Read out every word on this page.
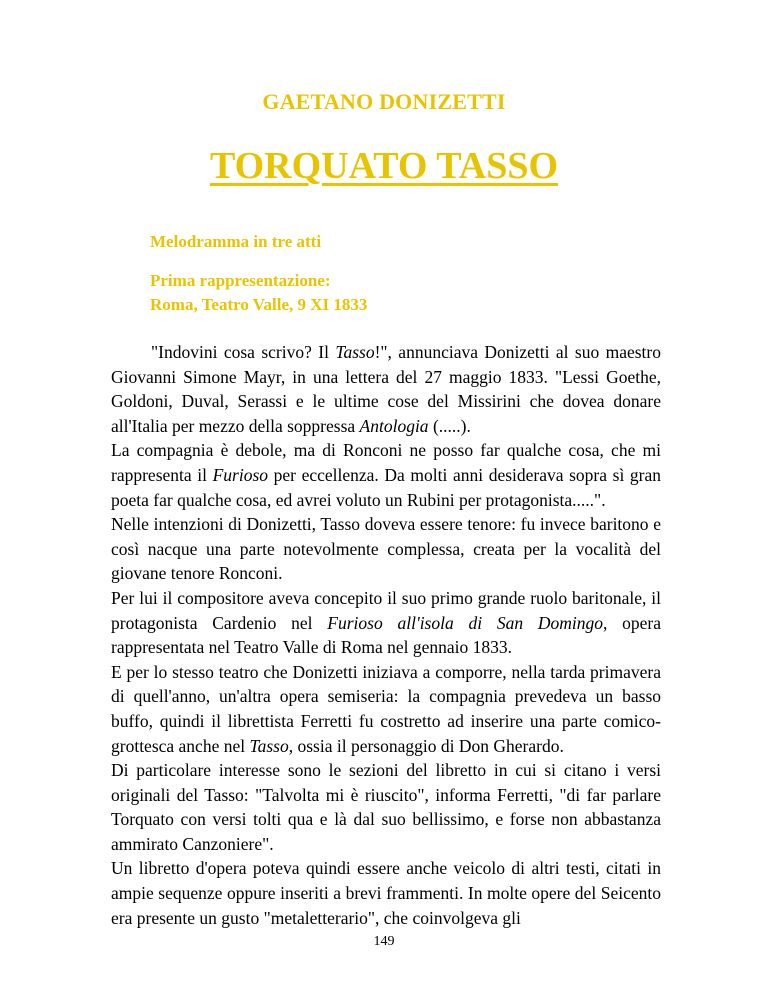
GAETANO DONIZETTI
TORQUATO TASSO
Melodramma in tre atti
Prima rappresentazione:
Roma, Teatro Valle, 9 XI 1833

"Indovini cosa scrivo? Il Tasso!", annunciava Donizetti al suo maestro Giovanni Simone Mayr, in una lettera del 27 maggio 1833. "Lessi Goethe, Goldoni, Duval, Serassi e le ultime cose del Missirini che dovea donare all'Italia per mezzo della soppressa Antologia (.....).

La compagnia è debole, ma di Ronconi ne posso far qualche cosa, che mi rappresenta il Furioso per eccellenza. Da molti anni desiderava sopra sì gran poeta far qualche cosa, ed avrei voluto un Rubini per protagonista.....".

Nelle intenzioni di Donizetti, Tasso doveva essere tenore: fu invece baritono e così nacque una parte notevolmente complessa, creata per la vocalità del giovane tenore Ronconi.

Per lui il compositore aveva concepito il suo primo grande ruolo baritonale, il protagonista Cardenio nel Furioso all'isola di San Domingo, opera rappresentata nel Teatro Valle di Roma nel gennaio 1833.

E per lo stesso teatro che Donizetti iniziava a comporre, nella tarda primavera di quell'anno, un'altra opera semiseria: la compagnia prevedeva un basso buffo, quindi il librettista Ferretti fu costretto ad inserire una parte comico-grottesca anche nel Tasso, ossia il personaggio di Don Gherardo.

Di particolare interesse sono le sezioni del libretto in cui si citano i versi originali del Tasso: "Talvolta mi è riuscito", informa Ferretti, "di far parlare Torquato con versi tolti qua e là dal suo bellissimo, e forse non abbastanza ammirato Canzoniere".

Un libretto d'opera poteva quindi essere anche veicolo di altri testi, citati in ampie sequenze oppure inseriti a brevi frammenti. In molte opere del Seicento era presente un gusto "metaletterario", che coinvolgeva gli

149
